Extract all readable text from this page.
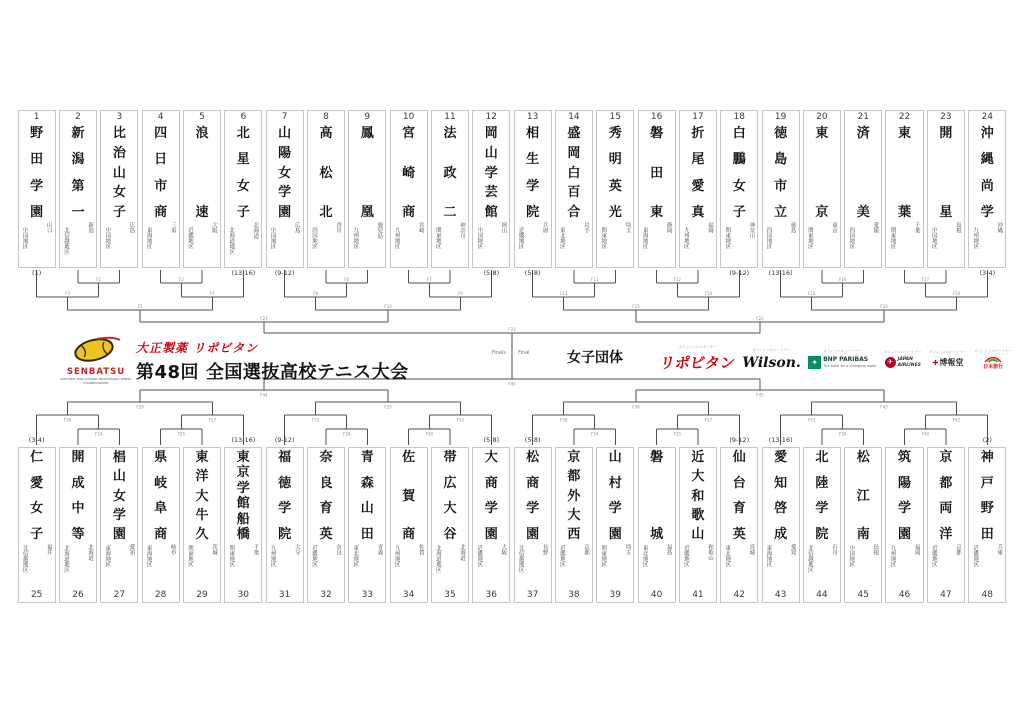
F1	F2
F3	F4
F5
F6	F7
F8	F9
F10
F11	F12
F13	F14
F15
F16	F17
F18	F19
F20
F21	F22
F23
F24	F25
F26	F27
F28
F29	F30
F31	F32
F33
F34	F35
F36	F37
F38
F39	F40
F41	F42
F43
F44	F45
F46
1
野
田
学
園
中国地区	山口
2
新
潟
第
一
北信越地区	新潟
3
比
治
山
女
子
中国地区	広島
4
四
日
市
商
東海地区	三重
5
浪
速
近畿地区	大阪
6
北
星
女
子
北海道地区	北海道
7
山
陽
女
学
園
中国地区	広島
8
高
松
北
四国地区	香川
9
鳳
凰
九州地区	鹿児島
10
宮
崎
商
九州地区	宮崎
11
法
政
二
関東地区	神奈川
12
岡
山
学
芸
館
中国地区	岡山
13
相
生
学
院
近畿地区	兵庫
14
盛
岡
白
百
合
東北地区	岩手
15
秀
明
英
光
関東地区	埼玉
16
磐
田
東
東海地区	静岡
17
折
尾
愛
真
九州地区	福岡
18
白
鵬
女
子
関東地区	神奈川
19
徳
島
市
立
四国地区	徳島
20
東
京
関東地区	東京
21
済
美
四国地区	愛媛
22
東
葉
関東地区	千葉
23
開
星
中国地区	島根
24
沖
縄
尚
学
九州地区	沖縄
仁
愛
女
子
北信越地区	福井
25
開
成
中
等
北海道地区	北海道
26
椙
山
女
学
園
東海地区	愛知
27
県
岐
阜
商
東海地区	岐阜
28
東
洋
大
牛
久
関東地区	茨城
29
東
京
学
館
船
橋
関東地区	千葉
30
福
徳
学
院
九州地区	大分
31
奈
良
育
英
近畿地区	奈良
32
青
森
山
田
東北地区	青森
33
佐
賀
商
九州地区	佐賀
34
帯
広
大
谷
北海道地区	北海道
35
大
商
学
園
近畿地区	大阪
36
松
商
学
園
北信越地区	長野
37
京
都
外
大
西
近畿地区	京都
38
山
村
学
園
関東地区	埼玉
39
磐
城
東北地区	福島
40
近
大
和
歌
山
近畿地区	和歌山
41
仙
台
育
英
東北地区	宮城
42
愛
知
啓
成
東海地区	愛知
43
北
陸
学
院
北信越地区	石川
44
松
江
南
中国地区	島根
45
筑
陽
学
園
九州地区	福岡
46
京
都
両
洋
近畿地区	京都
47
神
戸
野
田
近畿地区	兵庫
48
(1)	(13-16)	(9-12)	(5-8)	(5-8)	(9-12)	(13-16)	(3-4)
(3-4)	(13-16)	(9-12)	(5-8)	(5-8)	(9-12)	(13-16)	(2)
SENBATSU
NATIONAL HIGH SCHOOL INVITATIONAL TENNIS CHAMPIONSHIPS
大正製薬 リポビタン
第48回 全国選抜高校テニス大会
女子団体
Finals Final
オフィシャルスポンサー
リポビタン
オフィシャルパートナー
Wilson.
オフィシャルパートナー
✦ BNP PARIBAS
The bank for a changing world
オフィシャルパートナー
✈	JAPAN
AIRLINES
オフィシャルパートナー
✚ 博報堂
オフィシャルパートナー
日本旅行
